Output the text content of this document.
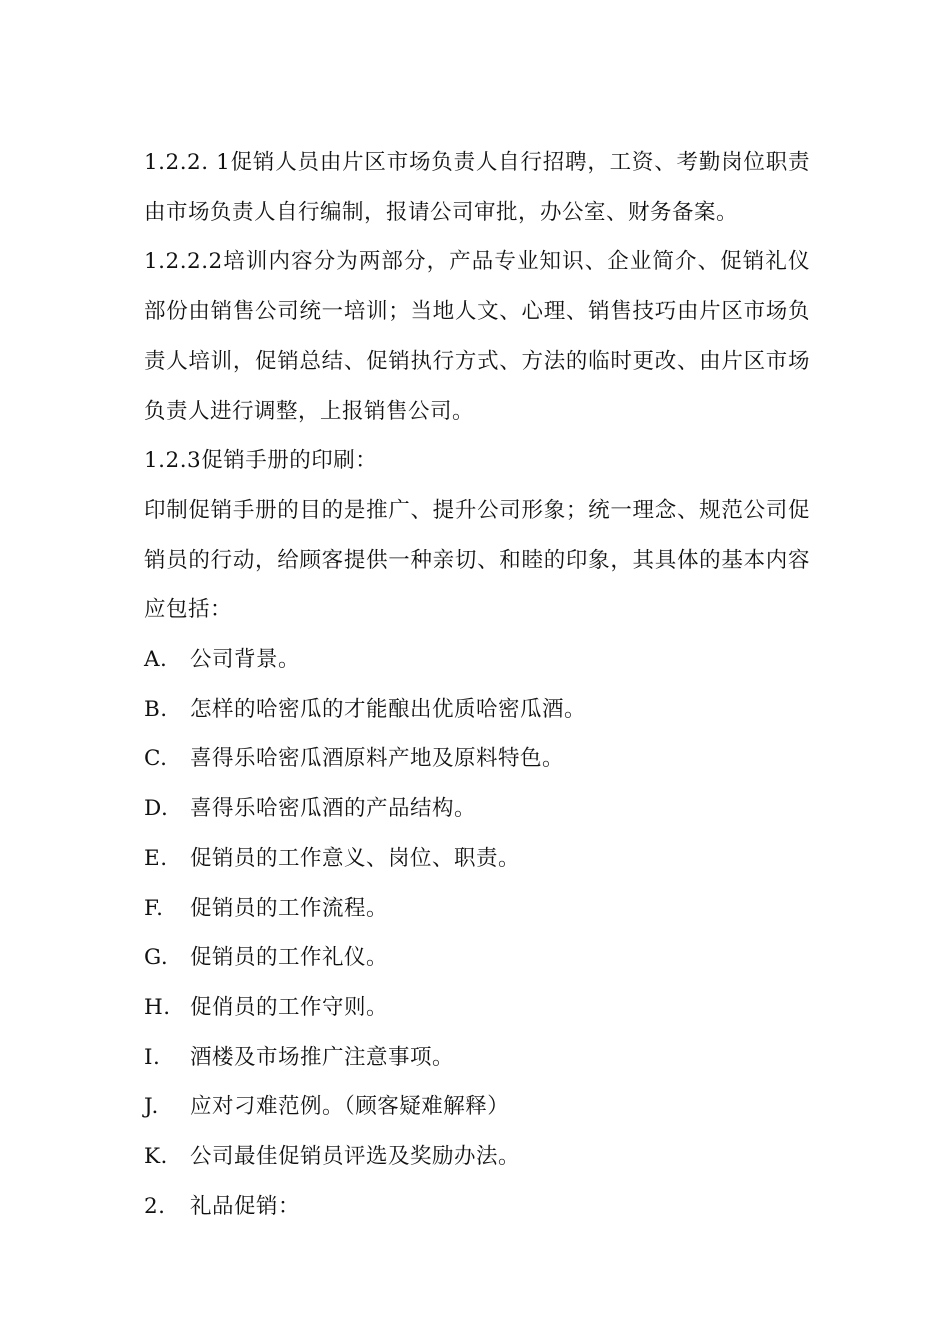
1.2.2. 1促销人员由片区市场负责人自行招聘，工资、考勤岗位职责由市场负责人自行编制，报请公司审批，办公室、财务备案。

1.2.2.2培训内容分为两部分，产品专业知识、企业简介、促销礼仪部份由销售公司统一培训；当地人文、心理、销售技巧由片区市场负责人培训，促销总结、促销执行方式、方法的临时更改、由片区市场负责人进行调整，上报销售公司。

1.2.3促销手册的印刷：

印制促销手册的目的是推广、提升公司形象；统一理念、规范公司促销员的行动，给顾客提供一种亲切、和睦的印象，其具体的基本内容应包括：

A.	公司背景。
B.	怎样的哈密瓜的才能酿出优质哈密瓜酒。
C.	喜得乐哈密瓜酒原料产地及原料特色。
D.	喜得乐哈密瓜酒的产品结构。
E.	促销员的工作意义、岗位、职责。
F.	促销员的工作流程。
G.	促销员的工作礼仪。
H. 促俏员的工作守则。
I.	酒楼及市场推广注意事项。
J.	应对刁难范例。（顾客疑难解释）
K.	公司最佳促销员评选及奖励办法。
2.	礼品促销：
